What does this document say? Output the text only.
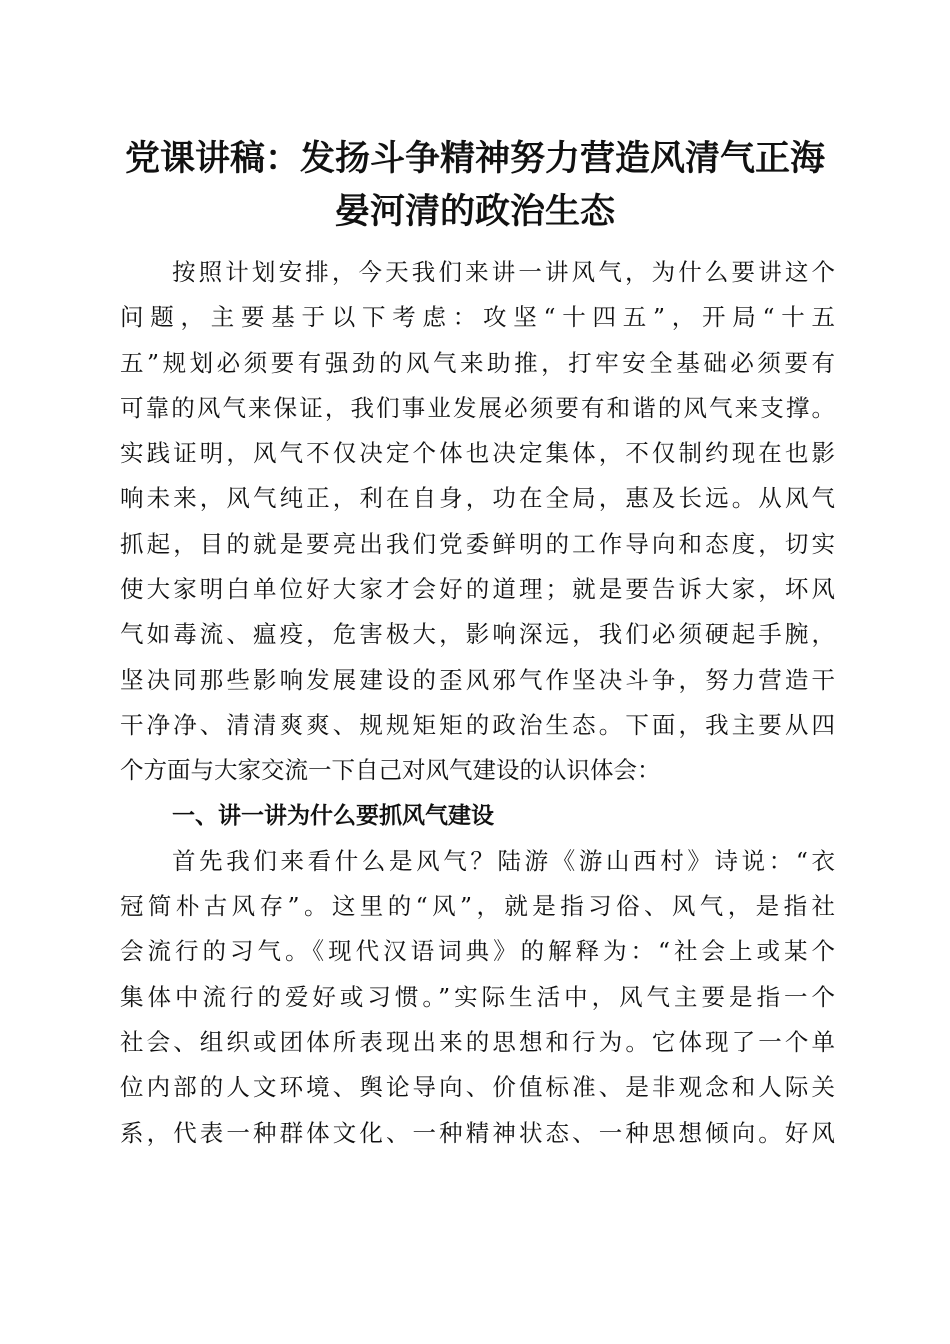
党课讲稿：发扬斗争精神努力营造风清气正海
晏河清的政治生态
按照计划安排，今天我们来讲一讲风气，为什么要讲这个
问题，主要基于以下考虑：攻坚“十四五”，开局“十五
五”规划必须要有强劲的风气来助推，打牢安全基础必须要有
可靠的风气来保证，我们事业发展必须要有和谐的风气来支撑。
实践证明，风气不仅决定个体也决定集体，不仅制约现在也影
响未来，风气纯正，利在自身，功在全局，惠及长远。从风气
抓起，目的就是要亮出我们党委鲜明的工作导向和态度，切实
使大家明白单位好大家才会好的道理；就是要告诉大家，坏风
气如毒流、瘟疫，危害极大，影响深远，我们必须硬起手腕，
坚决同那些影响发展建设的歪风邪气作坚决斗争，努力营造干
干净净、清清爽爽、规规矩矩的政治生态。下面，我主要从四
个方面与大家交流一下自己对风气建设的认识体会：
一、讲一讲为什么要抓风气建设
首先我们来看什么是风气？陆游《游山西村》诗说：“衣
冠简朴古风存”。这里的“风”，就是指习俗、风气，是指社
会流行的习气。《现代汉语词典》的解释为：“社会上或某个
集体中流行的爱好或习惯。”实际生活中，风气主要是指一个
社会、组织或团体所表现出来的思想和行为。它体现了一个单
位内部的人文环境、舆论导向、价值标准、是非观念和人际关
系，代表一种群体文化、一种精神状态、一种思想倾向。好风
